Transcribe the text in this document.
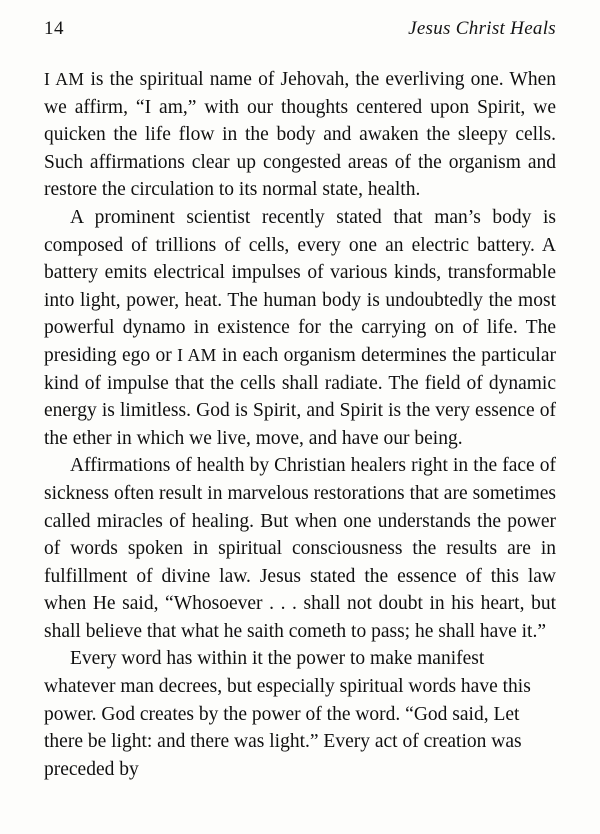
14	Jesus Christ Heals

I AM is the spiritual name of Jehovah, the everliving one. When we affirm, “I am,” with our thoughts centered upon Spirit, we quicken the life flow in the body and awaken the sleepy cells. Such affirmations clear up congested areas of the organism and restore the circulation to its normal state, health.

A prominent scientist recently stated that man’s body is composed of trillions of cells, every one an electric battery. A battery emits electrical impulses of various kinds, transformable into light, power, heat. The human body is undoubtedly the most powerful dynamo in existence for the carrying on of life. The presiding ego or I AM in each organism determines the particular kind of impulse that the cells shall radiate. The field of dynamic energy is limitless. God is Spirit, and Spirit is the very essence of the ether in which we live, move, and have our being.

Affirmations of health by Christian healers right in the face of sickness often result in marvelous restorations that are sometimes called miracles of healing. But when one understands the power of words spoken in spiritual consciousness the results are in fulfillment of divine law. Jesus stated the essence of this law when He said, “Whosoever . . . shall not doubt in his heart, but shall believe that what he saith cometh to pass; he shall have it.”

Every word has within it the power to make manifest whatever man decrees, but especially spiritual words have this power. God creates by the power of the word. “God said, Let there be light: and there was light.” Every act of creation was preceded by
